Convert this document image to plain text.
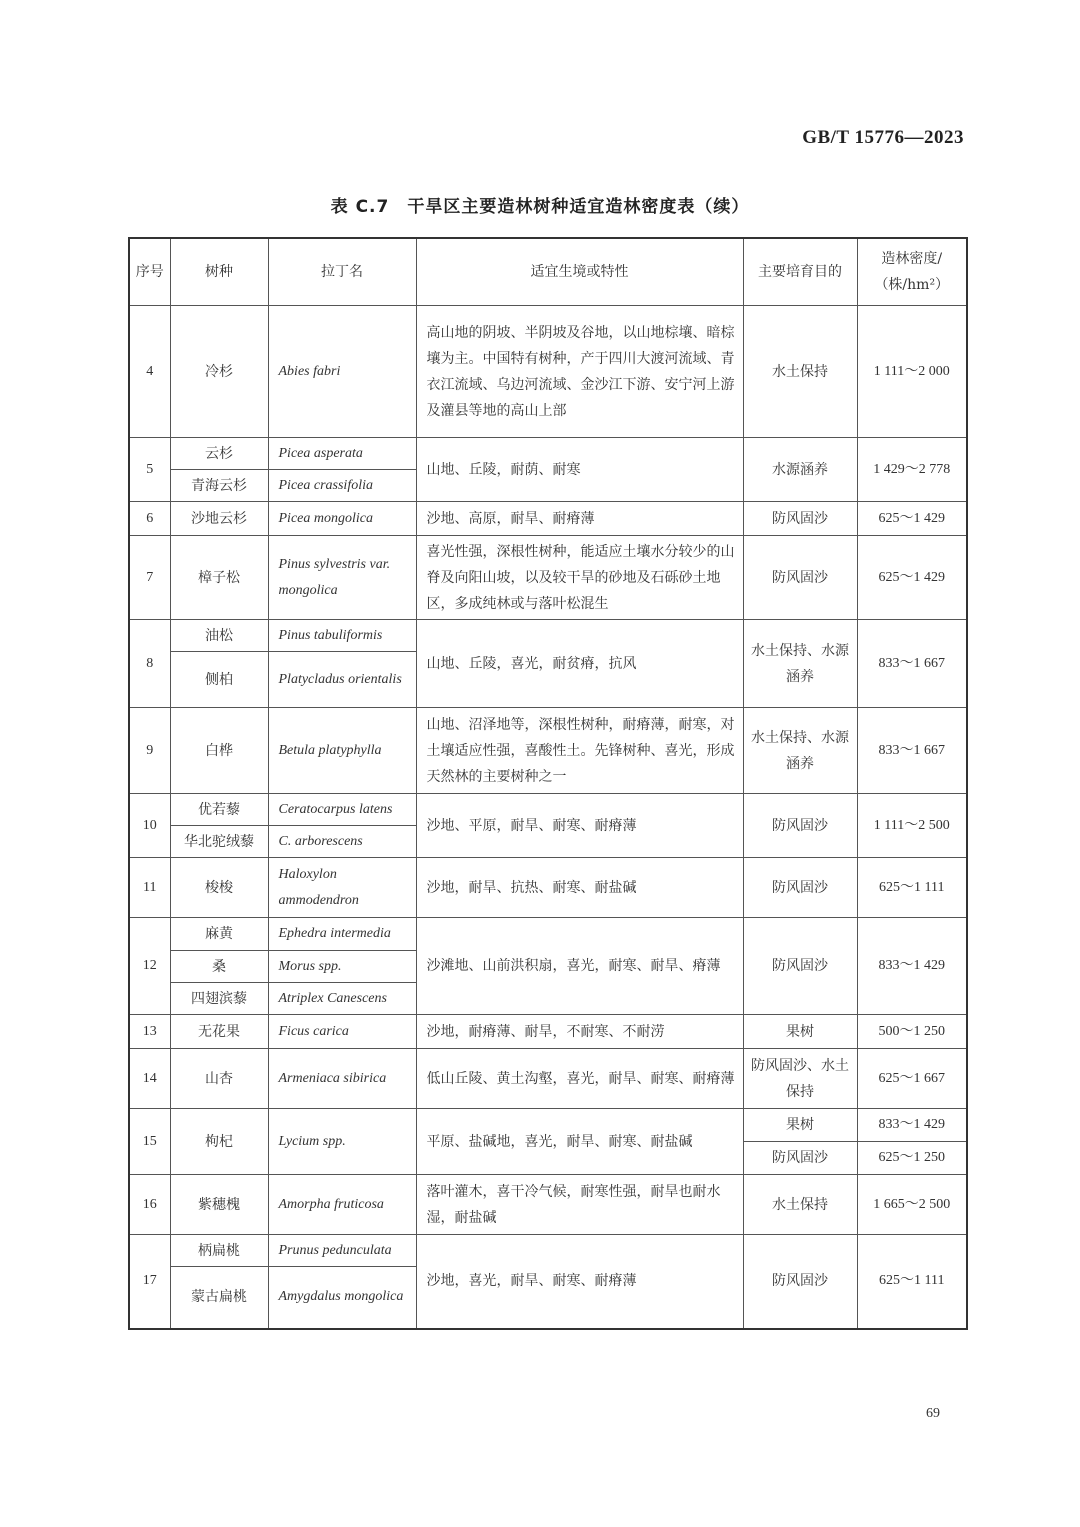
GB/T 15776—2023
表 C.7　干旱区主要造林树种适宜造林密度表（续）
序号	树种	拉丁名	适宜生境或特性	主要培育目的	造林密度/（株/hm²）
4	冷杉	Abies fabri	高山地的阴坡、半阴坡及谷地，以山地棕壤、暗棕壤为主。中国特有树种，产于四川大渡河流域、青衣江流域、乌边河流域、金沙江下游、安宁河上游及灌县等地的高山上部	水土保持	1 111～2 000
5	云杉	Picea asperata	山地、丘陵，耐荫、耐寒	水源涵养	1 429～2 778
	青海云杉	Picea crassifolia			
6	沙地云杉	Picea mongolica	沙地、高原，耐旱、耐瘠薄	防风固沙	625～1 429
7	樟子松	Pinus sylvestris var. mongolica	喜光性强，深根性树种，能适应土壤水分较少的山脊及向阳山坡，以及较干旱的砂地及石砾砂土地区，多成纯林或与落叶松混生	防风固沙	625～1 429
8	油松	Pinus tabuliformis	山地、丘陵，喜光，耐贫瘠，抗风	水土保持、水源涵养	833～1 667
	侧柏	Platycladus orientalis			
9	白桦	Betula platyphylla	山地、沼泽地等，深根性树种，耐瘠薄，耐寒，对土壤适应性强，喜酸性土。先锋树种、喜光，形成天然林的主要树种之一	水土保持、水源涵养	833～1 667
10	优若藜	Ceratocarpus latens	沙地、平原，耐旱、耐寒、耐瘠薄	防风固沙	1 111～2 500
	华北驼绒藜	C. arborescens			
11	梭梭	Haloxylon ammodendron	沙地，耐旱、抗热、耐寒、耐盐碱	防风固沙	625～1 111
12	麻黄	Ephedra intermedia	沙滩地、山前洪积扇，喜光，耐寒、耐旱、瘠薄	防风固沙	833～1 429
	桑	Morus spp.			
	四翅滨藜	Atriplex Canescens			
13	无花果	Ficus carica	沙地，耐瘠薄、耐旱，不耐寒、不耐涝	果树	500～1 250
14	山杏	Armeniaca sibirica	低山丘陵、黄土沟壑，喜光，耐旱、耐寒、耐瘠薄	防风固沙、水土保持	625～1 667
15	枸杞	Lycium spp.	平原、盐碱地，喜光，耐旱、耐寒、耐盐碱	果树	833～1 429
				防风固沙	625～1 250
16	紫穗槐	Amorpha fruticosa	落叶灌木，喜干冷气候，耐寒性强，耐旱也耐水湿，耐盐碱	水土保持	1 665～2 500
17	柄扁桃	Prunus pedunculata	沙地，喜光，耐旱、耐寒、耐瘠薄	防风固沙	625～1 111
	蒙古扁桃	Amygdalus mongolica			
69
